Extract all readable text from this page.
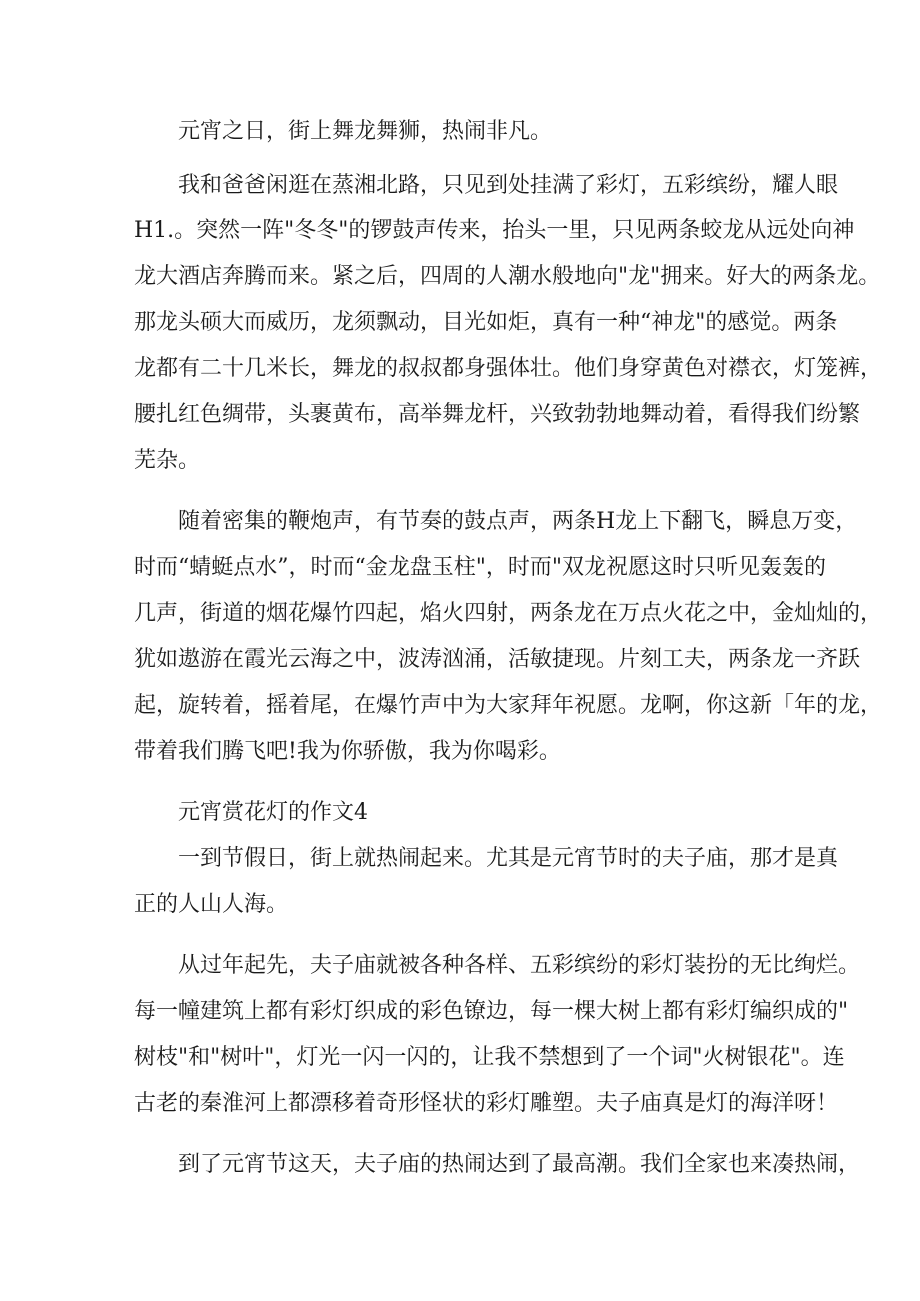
元宵之日，街上舞龙舞狮，热闹非凡。
我和爸爸闲逛在蒸湘北路，只见到处挂满了彩灯，五彩缤纷，耀人眼
H1.。突然一阵"冬冬"的锣鼓声传来，抬头一里，只见两条蛟龙从远处向神
龙大酒店奔腾而来。紧之后，四周的人潮水般地向"龙"拥来。好大的两条龙。
那龙头硕大而威历，龙须飘动，目光如炬，真有一种“神龙"的感觉。两条
龙都有二十几米长，舞龙的叔叔都身强体壮。他们身穿黄色对襟衣，灯笼裤，
腰扎红色绸带，头裹黄布，高举舞龙杆，兴致勃勃地舞动着，看得我们纷繁
芜杂。
随着密集的鞭炮声，有节奏的鼓点声，两条H龙上下翻飞，瞬息万变，
时而“蜻蜓点水”，时而“金龙盘玉柱"，时而"双龙祝愿这时只听见轰轰的
几声，街道的烟花爆竹四起，焰火四射，两条龙在万点火花之中，金灿灿的，
犹如遨游在霞光云海之中，波涛汹涌，活敏捷现。片刻工夫，两条龙一齐跃
起，旋转着，摇着尾，在爆竹声中为大家拜年祝愿。龙啊，你这新「年的龙，
带着我们腾飞吧!我为你骄傲，我为你喝彩。
元宵赏花灯的作文4
一到节假日，街上就热闹起来。尤其是元宵节时的夫子庙，那才是真
正的人山人海。
从过年起先，夫子庙就被各种各样、五彩缤纷的彩灯装扮的无比绚烂。
每一幢建筑上都有彩灯织成的彩色镣边，每一棵大树上都有彩灯编织成的"
树枝"和"树叶"，灯光一闪一闪的，让我不禁想到了一个词"火树银花"。连
古老的秦淮河上都漂移着奇形怪状的彩灯雕塑。夫子庙真是灯的海洋呀！
到了元宵节这天，夫子庙的热闹达到了最高潮。我们全家也来凑热闹，
